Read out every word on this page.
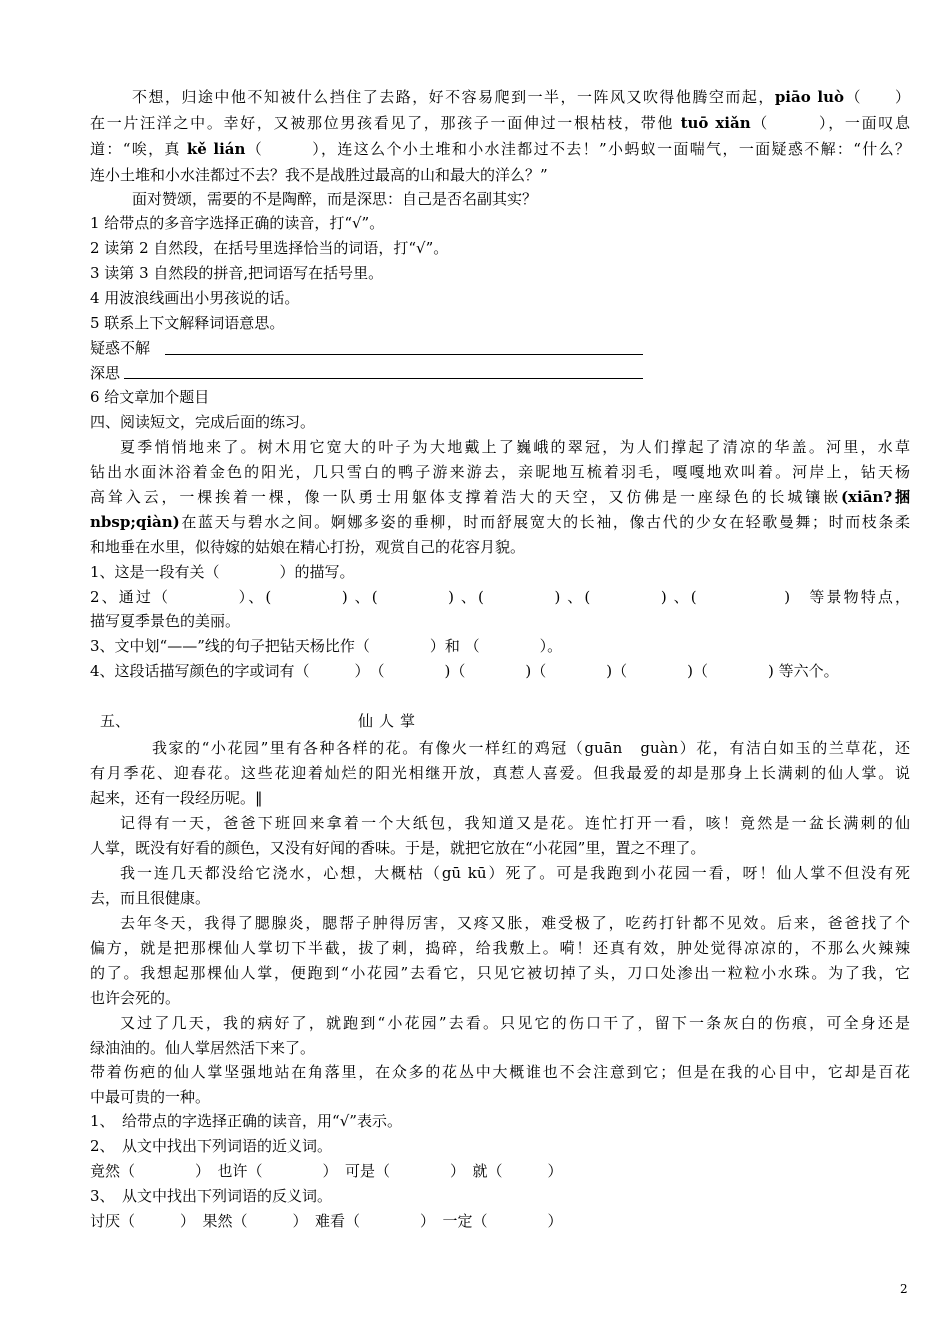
不想，归途中他不知被什么挡住了去路，好不容易爬到一半，一阵风又吹得他腾空而起，piāo luò（　　）
在一片汪洋之中。幸好，又被那位男孩看见了，那孩子一面伸过一根枯枝，带他 tuō xiǎn（　　　），一面叹息
道：“唉，真 kě lián（　　　），连这么个小土堆和小水洼都过不去！”小蚂蚁一面喘气，一面疑惑不解：“什么？
连小土堆和小水洼都过不去？我不是战胜过最高的山和最大的洋么？”
面对赞颂，需要的不是陶醉，而是深思：自己是否名副其实？
1 给带点的多音字选择正确的读音，打“√”。
2 读第 2 自然段，在括号里选择恰当的词语，打“√”。
3 读第 3 自然段的拼音,把词语写在括号里。
4 用波浪线画出小男孩说的话。
5 联系上下文解释词语意思。
疑惑不解
深思
6 给文章加个题目
四、阅读短文，完成后面的练习。
夏季悄悄地来了。树木用它宽大的叶子为大地戴上了巍峨的翠冠，为人们撑起了清凉的华盖。河里，水草
钻出水面沐浴着金色的阳光，几只雪白的鸭子游来游去，亲昵地互梳着羽毛，嘎嘎地欢叫着。河岸上，钻天杨
高耸入云，一棵挨着一棵，像一队勇士用躯体支撑着浩大的天空，又仿佛是一座绿色的长城镶嵌(xiān?捆
nbsp;qiàn)在蓝天与碧水之间。婀娜多姿的垂柳，时而舒展宽大的长袖，像古代的少女在轻歌曼舞；时而枝条柔
和地垂在水里，似待嫁的姑娘在精心打扮，观赏自己的花容月貌。
1、这是一段有关（　　　　）的描写。
2、通过（　　　　）、(　　　　) 、(　　　　) 、(　　　　) 、(　　　　) 、(　　　　　)　等景物特点，
描写夏季景色的美丽。
3、文中划“——”线的句子把钻天杨比作（　　　　）和 （　　　　）。
4、这段话描写颜色的字或词有（　　　）　（　　　　)（　　　　)（　　　　)（　　　　)（　　　　) 等六个。
五、	仙人掌
我家的“小花园”里有各种各样的花。有像火一样红的鸡冠（guān　guàn）花，有洁白如玉的兰草花，还
有月季花、迎春花。这些花迎着灿烂的阳光相继开放，真惹人喜爱。但我最爱的却是那身上长满刺的仙人掌。说
起来，还有一段经历呢。‖
记得有一天，爸爸下班回来拿着一个大纸包，我知道又是花。连忙打开一看，咳！竟然是一盆长满刺的仙
人掌，既没有好看的颜色，又没有好闻的香味。于是，就把它放在“小花园”里，置之不理了。
我一连几天都没给它浇水，心想，大概枯（gū kū）死了。可是我跑到小花园一看，呀！仙人掌不但没有死
去，而且很健康。
去年冬天，我得了腮腺炎，腮帮子肿得厉害，又疼又胀，难受极了，吃药打针都不见效。后来，爸爸找了个
偏方，就是把那棵仙人掌切下半截，拔了刺，捣碎，给我敷上。嗬！还真有效，肿处觉得凉凉的，不那么火辣辣
的了。我想起那棵仙人掌，便跑到“小花园”去看它，只见它被切掉了头，刀口处渗出一粒粒小水珠。为了我，它
也许会死的。
又过了几天，我的病好了，就跑到“小花园”去看。只见它的伤口干了，留下一条灰白的伤痕，可全身还是
绿油油的。仙人掌居然活下来了。
带着伤疤的仙人掌坚强地站在角落里，在众多的花丛中大概谁也不会注意到它；但是在我的心目中，它却是百花
中最可贵的一种。
1、　给带点的字选择正确的读音，用“√”表示。
2、　从文中找出下列词语的近义词。
竟然（　　　　）　也许（　　　　）　可是（　　　　）　就（　　　）
3、　从文中找出下列词语的反义词。
讨厌（　　　）　果然（　　　）　难看（　　　　）　一定（　　　　）
2
